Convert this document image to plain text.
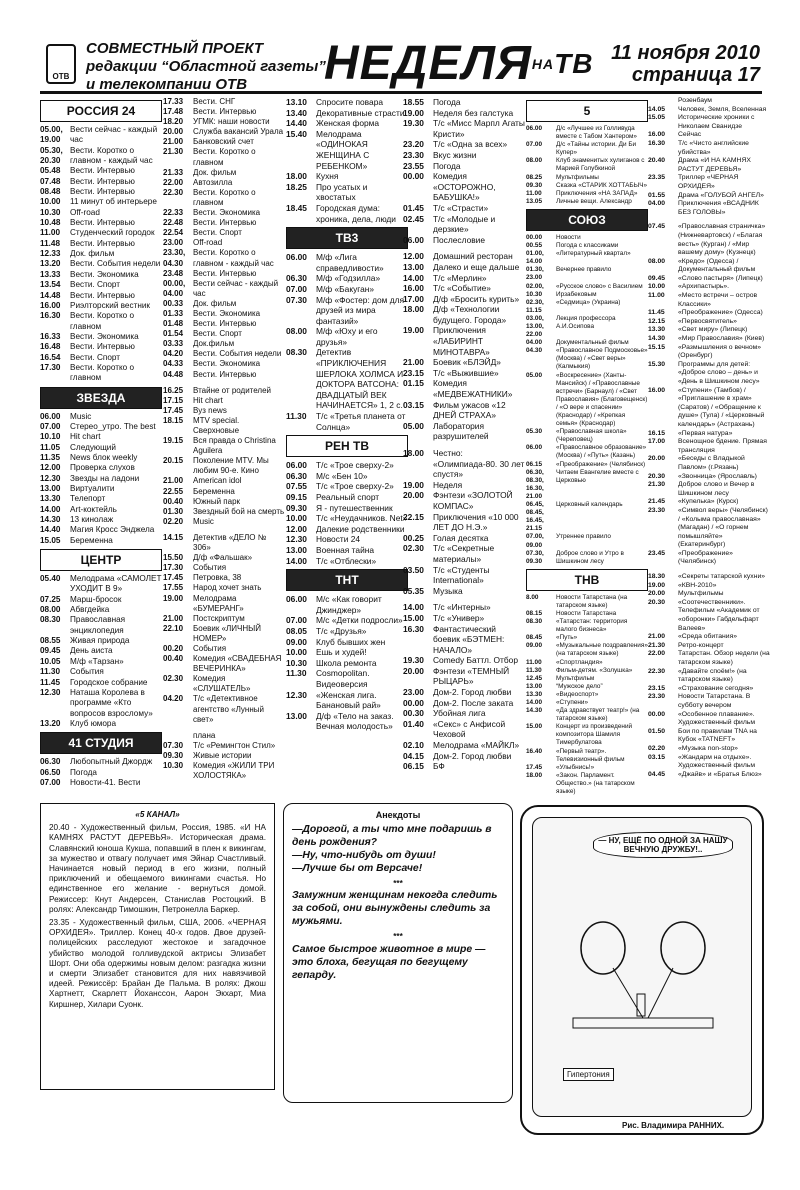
ОТВ
СОВМЕСТНЫЙ ПРОЕКТ
редакции “Областной газеты”
и телекомпании ОТВ	$НЕДЕЛЯНА^{ТВ}$ 11 ноября 2010
страница 17
РОССИЯ 24
05.00, 19.00
Вести сейчас - каждый час
05.30, 20.30
Вести. Коротко о главном - каждый час
05.48	Вести. Интервью
07.48	Вести. Интервью
08.48	Вести. Интервью
10.00	11 минут об интерьере
10.30	Off-road
10.48	Вести. Интервью
11.00	Студенческий городок
11.48	Вести. Интервью
12.33	Док. фильм
13.20	Вести. События недели
13.33	Вести. Экономика
13.54	Вести. Спорт
14.48	Вести. Интервью
16.00	Риэлторский вестник
16.30	Вести. Коротко о главном
16.33	Вести. Экономика
16.48	Вести. Интервью
16.54	Вести. Спорт
17.30	Вести. Коротко о главном
ЗВЕЗДА
06.00	Music
07.00	Стерео_утро. The best
10.10	Hit chart
11.05	Следующий
11.35	News блок weekly
12.00	Проверка слухов
12.30	Звезды на ладони
13.00	Виртуалити
13.30	Телепорт
14.00	Art-коктейль
14.30	13 кинолаж
14.40	Магия Кросс Энджела
15.05	Беременна
ЦЕНТР
05.40	Мелодрама «САМОЛЕТ УХОДИТ В 9»
07.25	Марш-бросок
08.00	Абвгдейка
08.30	Православная энциклопедия
08.55	Живая природа
09.45	День аиста
10.05	М/ф «Тарзан»
11.30	События
11.45	Городское собрание
12.30	Наташа Королева в программе «Кто вопросов взрослому»
13.20	Клуб юмора
41 СТУДИЯ
06.30	Любопытный Джордж
06.50	Погода
07.00	Новости-41. Вести
17.33	Вести. СНГ
17.48	Вести. Интервью
18.20	УГМК: наши новости
20.00	Служба вакансий Урала
21.00	Банковский счет
21.30	Вести. Коротко о главном
21.33	Док. фильм
22.00	Автозилла
22.30	Вести. Коротко о главном
22.33	Вести. Экономика
22.48	Вести. Интервью
22.54	Вести. Спорт
23.00	Off-road
23.30, 04.30
Вести. Коротко о главном - каждый час
23.48	Вести. Интервью
00.00, 04.00
Вести сейчас - каждый час
00.33	Док. фильм
01.33	Вести. Экономика
01.48	Вести. Интервью
01.54	Вести. Спорт
03.33	Док.фильм
04.20	Вести. События недели
04.33	Вести. Экономика
04.48	Вести. Интервью
16.25	Втайне от родителей
17.15	Hit chart
17.45	Вуз news
18.15	MTV special. Сверхновые
19.15	Вся правда о Christina Aguilera
20.15	Поколение MTV. Мы любим 90-е. Кино
21.00	American idol
22.55	Беременна
00.40	Южный парк
01.30	Звездный бой на смерть
02.20	Music
14.15	Детектив «ДЕЛО № 306»
15.50	Д/ф «Фальшак»
17.30	События
17.45	Петровка, 38
17.55	Народ хочет знать
19.00	Мелодрама «БУМЕРАНГ»
21.00	Постскриптум
22.10	Боевик «ЛИЧНЫЙ НОМЕР»
00.20	События
00.40	Комедия «СВАДЕБНАЯ ВЕЧЕРИНКА»
02.30	Комедия «СЛУШАТЕЛЬ»
04.20	Т/с «Детективное агентство «Лунный свет»
плана
07.30	Т/с «Ремингтон Стил»
09.30	Живые истории
10.30	Комедия «ЖИЛИ ТРИ ХОЛОСТЯКА»
13.10	Спросите повара
13.40	Декоративные страсти
14.40	Женская форма
15.40	Мелодрама «ОДИНОКАЯ ЖЕНЩИНА С РЕБЕНКОМ»
18.00	Кухня
18.25	Про усатых и хвостатых
18.45	Городская дума: хроника, дела, люди
ТВ3
06.00	М/ф «Лига справедливости»
06.30	М/ф «Годзилла»
07.00	М/ф «Бакуган»
07.30	М/ф «Фостер: дом для друзей из мира фантазий»
08.00	М/ф «Юху и его друзья»
08.30	Детектив «ПРИКЛЮЧЕНИЯ ШЕРЛОКА ХОЛМСА И ДОКТОРА ВАТСОНА: ДВАДЦАТЫЙ ВЕК НАЧИНАЕТСЯ» 1, 2 с.
11.30	Т/с «Третья планета от Солнца»
РЕН ТВ
06.00	Т/с «Трое сверху-2»
06.30	М/с «Бен 10»
07.55	Т/с «Трое сверху-2»
09.15	Реальный спорт
09.30	Я - путешественник
10.00	Т/с «Неудачников. Net»
12.00	Далекие родственники
12.30	Новости 24
13.00	Военная тайна
14.00	Т/с «Отблески»
ТНТ
06.00	М/с «Как говорит Джинджер»
07.00	М/с «Детки подросли»
08.05	Т/с «Друзья»
09.00	Клуб бывших жен
10.00	Ешь и худей!
10.30	Школа ремонта
11.30	Cosmopolitan. Видеоверсия
12.30	«Женская лига. Банановый рай»
13.00	Д/ф «Тело на заказ. Вечная молодость»
18.55	Погода
19.00	Неделя без галстука
19.30	Т/с «Мисс Марпл Агаты Кристи»
23.20	Т/с «Одна за всех»
23.30	Вкус жизни
23.55	Погода
00.00	Комедия «ОСТОРОЖНО, БАБУШКА!»
01.45	Т/с «Страсти»
02.45	Т/с «Молодые и дерзкие»
06.00	Послесловие
12.00	Домашний ресторан
13.00	Далеко и еще дальше
14.00	Т/с «Мерлин»
16.00	Т/с «Событие»
17.00	Д/ф «Бросить курить»
18.00	Д/ф «Технологии будущего. Города»
19.00	Приключения «ЛАБИРИНТ МИНОТАВРА»
21.00	Боевик «БЛЭЙД»
23.15	Т/с «Выжившие»
01.15	Комедия «МЕДВЕЖАТНИКИ»
03.15	Фильм ужасов «12 ДНЕЙ СТРАХА»
05.00	Лаборатория разрушителей
18.00	Честно: «Олимпиада-80. 30 лет спустя»
19.00	Неделя
20.00	Фэнтези «ЗОЛОТОЙ КОМПАС»
22.15	Приключения «10 000 ЛЕТ ДО Н.Э.»
00.25	Голая десятка
02.30	Т/с «Секретные материалы»
03.50	Т/с «Студенты International»
05.35	Музыка
14.00	Т/с «Интерны»
15.00	Т/с «Универ»
16.30	Фантастический боевик «БЭТМЕН: НАЧАЛО»
19.30	Comedy Баттл. Отбор
20.00	Фэнтези «ТЕМНЫЙ РЫЦАРЬ»
23.00	Дом-2. Город любви
00.00	Дом-2. После заката
00.30	Убойная лига
01.40	«Секс» с Анфисой Чеховой
02.10	Мелодрама «МАЙКЛ»
04.15	Дом-2. Город любви
06.15	БФ
5
06.00	Д/с «Лучшее из Голливуда вместе с Табом Хантером»
07.00	Д/с «Тайны истории. Ди Би Купер»
08.00	Клуб знаменитых хулиганов с Марией Голубкиной
08.25	Мультфильмы
09.30	Сказка «СТАРИК ХОТТАБЫЧ»
11.00	Приключения «НА ЗАПАД»
13.05	Личные вещи. Александр
СОЮЗ
00.00	Новости
00.55	Погода с классиками
01.00, 14.00
«Литературный квартал»
01.30, 23.00
Вечернее правило
02.00, 10.30
«Русское слово» с Василием Ирзабековым
02.30, 11.15
«Седмица» (Украина)
03.00, 13.00, 22.00
Лекция профессора А.И.Осипова
04.00	Документальный фильм
04.30	«Православное Подмосковье» (Москва) / «Свет веры» (Калмыкия)
05.00	«Воскресение» (Ханты-Мансийск) / «Православные встречи» (Барнаул) / «Свет Православия» (Благовещенск) / «О вере и спасении» (Краснодар) / «Крепкая семья» (Краснодар)
05.30	«Православная школа» (Череповец)
06.00	«Православное образование» (Москва) / «Путь» (Казань)
06.15	«Преображение» (Челябинск)
06.30, 08.30, 16.30, 21.00
Читаем Евангелие вместе с Церковью
06.45, 08.45, 16.45, 21.15
Церковный календарь
07.00, 09.00
Утреннее правило
07.30, 09.30
Доброе слово и Утро в Шишкином лесу
ТНВ
8.00	Новости Татарстана (на татарском языке)
08.15	Новости Татарстана
08.30	«Татарстан: территория малого бизнеса»
08.45	«Путь»
09.00	«Музыкальные поздравления» (на татарском языке)
11.00	«Спортландия»
11.30	Фильм-детям. «Золушка»
12.45	Мультфильм
13.00	“Мужское дело”
13.30	«Видеоспорт»
14.00	«Ступени»
14.30	«Да здравствует театр!» (на татарском языке)
15.00	Концерт из произведений композитора Шамиля Тимербулатова
16.40	«Первый театр». Телевизионный фильм
17.45	«Улыбнись!»
18.00	«Закон. Парламент. Общество.» (на татарском языке)
Розенбаум
14.05	Человек, Земля, Вселенная
15.05	Исторические хроники с Николаем Сванидзе
16.00	Сейчас
16.30	Т/с «Чисто английские убийства»
20.40	Драма «И НА КАМНЯХ РАСТУТ ДЕРЕВЬЯ»
23.35	Триллер «ЧЕРНАЯ ОРХИДЕЯ»
01.55	Драма «ГОЛУБОЙ АНГЕЛ»
04.00	Приключения «ВСАДНИК БЕЗ ГОЛОВЫ»
07.45	«Православная страничка» (Нижневартовск) / «Благая весть» (Курган) / «Мир вашему дому» (Кузнецк)
08.00	«Кредо» (Одесса) / Документальный фильм
09.45	«Слово пастыря» (Липецк)
10.00	«Архипастырь».
11.00	«Место встречи – остров Классики»
11.45	«Преображение» (Одесса)
12.15	«Первосвятитель»
13.30	«Свет миру» (Липецк)
14.30	«Мир Православия» (Киев)
15.15	«Размышления о вечном» (Оренбург)
15.30	Программы для детей: «Доброе слово – день» и «День в Шишкином лесу»
16.00	«Ступени» (Тамбов) / «Приглашение в храм» (Саратов) / «Обращение к душе» (Тула) / «Церковный календарь» (Астрахань)
16.15	«Первая натура»
17.00	Всенощное бдение. Прямая трансляция
20.00	«Беседы с Владыкой Павлом» (г.Рязань)
20.30	«Звонница» (Ярославль)
21.30	Доброе слово и Вечер в Шишкином лесу
21.45	«Купелька» (Курск)
23.30	«Символ веры» (Челябинск) / «Колыма православная» (Магадан) / «О горнем помышляйте» (Екатеринбург)
23.45	«Преображение» (Челябинск)
18.30	«Секреты татарской кухни»
19.00	«КВН-2010»
20.00	Мультфильмы
20.30	«Соотечественники». Телефильм «Академик от «оборонки» Габдельфарт Валеев»
21.00	«Среда обитания»
21.30	Ретро-концерт
22.00	Татарстан. Обзор недели (на татарском языке)
22.30	«Давайте споём!» (на татарском языке)
23.15	«Страхование сегодня»
23.30	Новости Татарстана. В субботу вечером
00.00	«Особенное плавание». Художественный фильм
01.50	Бои по правилам TNA на Кубок «TATNEFT»
02.20	«Музыка non-stop»
03.15	«Жандарм на отдыхе». Художественный фильм
04.45	«Джайв» и «Братья Блюз»
«5 КАНАЛ»

20.40 - Художественный фильм, Россия, 1985. «И НА КАМНЯХ РАСТУТ ДЕРЕВЬЯ». Историческая драма. Славянский юноша Кукша, попавший в плен к викингам, за мужество и отвагу получает имя Эйнар Счастливый. Начинается новый период в его жизни, полный приключений и обещаемого викингами счастья. Но единственное его желание - вернуться домой. Режиссер: Кнут Андерсен, Станислав Ростоцкий. В ролях: Александр Тимошкин, Петронелла Баркер.

23.35 - Художественный фильм, США, 2006. «ЧЕРНАЯ ОРХИДЕЯ». Триллер. Конец 40-х годов. Двое друзей-полицейских расследуют жестокое и загадочное убийство молодой голливудской актрисы Элизабет Шорт. Они оба одержимы новым делом: разгадка жизни и смерти Элизабет становится для них навязчивой идеей. Режиссёр: Брайан Де Пальма. В ролях: Джош Хартнетт, Скарлетт Йоханссон, Аарон Экхарт, Миа Киршнер, Хилари Суонк.

Анекдоты

—Дорогой, а ты что мне подаришь в день рождения?
—Ну, что-нибудь от души!
—Лучше бы от Версаче!

***

Замужним женщинам некогда следить за собой, они вынуждены следить за мужьями.

***

Самое быстрое животное в мире — это блоха, бегущая по бегущему гепарду.

— НУ, ЕЩЁ ПО ОДНОЙ ЗА НАШУ ВЕЧНУЮ ДРУЖБУ!..
Гипертония
Рис. Владимира РАННИХ.
